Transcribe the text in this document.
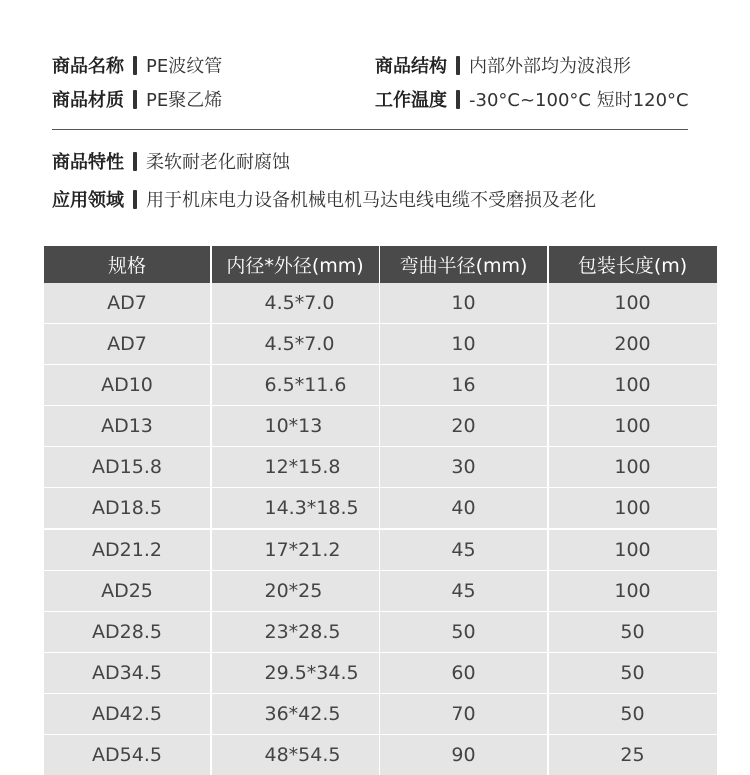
商品名称 PE波纹管
商品材质 PE聚乙烯
商品结构 内部外部均为波浪形
工作温度 -30°C~100°C 短时120°C
商品特性 柔软耐老化耐腐蚀
应用领域 用于机床电力设备机械电机马达电线电缆不受磨损及老化
规格	内径*外径(mm)	弯曲半径(mm)	包装长度(m)
AD7	4.5*7.0	10	100
AD7	4.5*7.0	10	200
AD10	6.5*11.6	16	100
AD13	10*13	20	100
AD15.8	12*15.8	30	100
AD18.5	14.3*18.5	40	100
AD21.2	17*21.2	45	100
AD25	20*25	45	100
AD28.5	23*28.5	50	50
AD34.5	29.5*34.5	60	50
AD42.5	36*42.5	70	50
AD54.5	48*54.5	90	25
